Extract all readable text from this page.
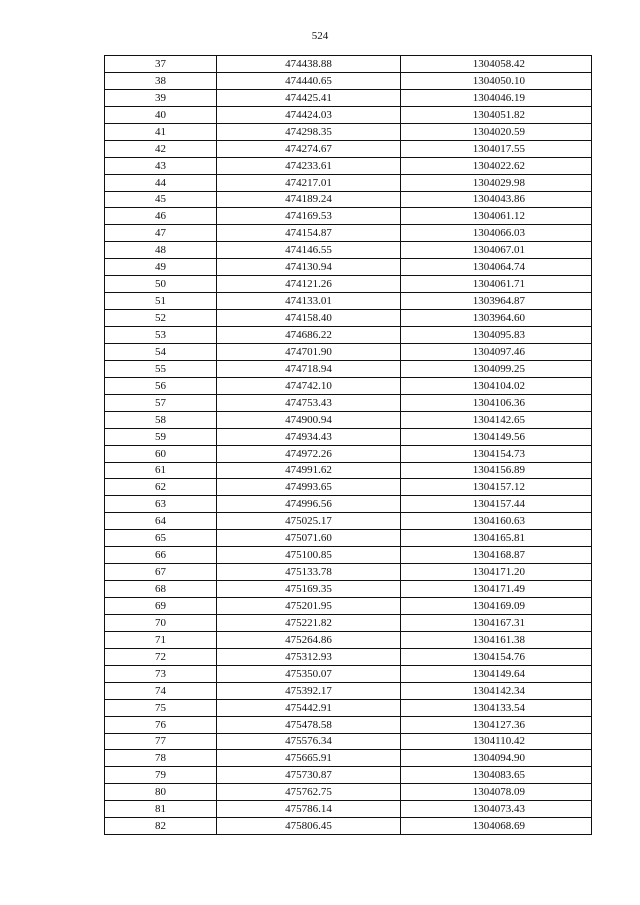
524
37	474438.88	1304058.42
38	474440.65	1304050.10
39	474425.41	1304046.19
40	474424.03	1304051.82
41	474298.35	1304020.59
42	474274.67	1304017.55
43	474233.61	1304022.62
44	474217.01	1304029.98
45	474189.24	1304043.86
46	474169.53	1304061.12
47	474154.87	1304066.03
48	474146.55	1304067.01
49	474130.94	1304064.74
50	474121.26	1304061.71
51	474133.01	1303964.87
52	474158.40	1303964.60
53	474686.22	1304095.83
54	474701.90	1304097.46
55	474718.94	1304099.25
56	474742.10	1304104.02
57	474753.43	1304106.36
58	474900.94	1304142.65
59	474934.43	1304149.56
60	474972.26	1304154.73
61	474991.62	1304156.89
62	474993.65	1304157.12
63	474996.56	1304157.44
64	475025.17	1304160.63
65	475071.60	1304165.81
66	475100.85	1304168.87
67	475133.78	1304171.20
68	475169.35	1304171.49
69	475201.95	1304169.09
70	475221.82	1304167.31
71	475264.86	1304161.38
72	475312.93	1304154.76
73	475350.07	1304149.64
74	475392.17	1304142.34
75	475442.91	1304133.54
76	475478.58	1304127.36
77	475576.34	1304110.42
78	475665.91	1304094.90
79	475730.87	1304083.65
80	475762.75	1304078.09
81	475786.14	1304073.43
82	475806.45	1304068.69
